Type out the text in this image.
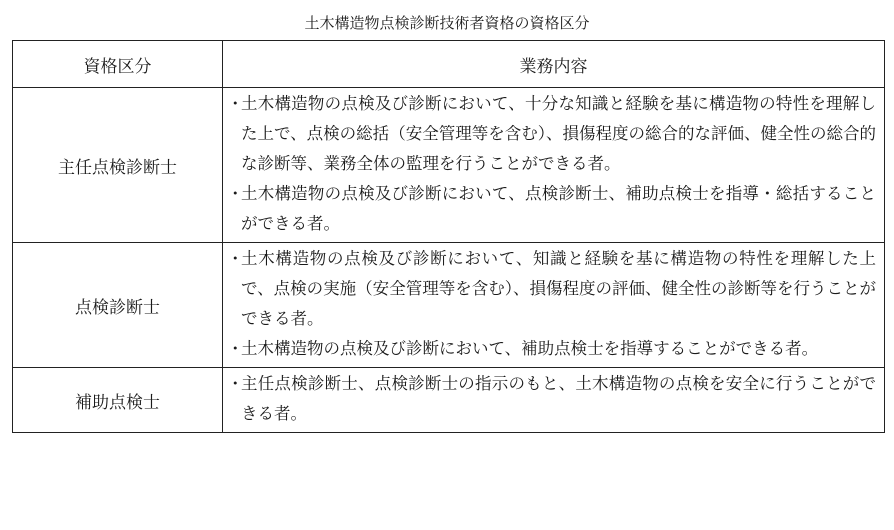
土木構造物点検診断技術者資格の資格区分
資格区分	業務内容
主任点検診断士	・
土木構造物の点検及び診断において、十分な知識と経験を基に構造物の特性を理解した上で、点検の総括（安全管理等を含む）、損傷程度の総合的な評価、健全性の総合的な診断等、業務全体の監理を行うことができる者。
・
土木構造物の点検及び診断において、点検診断士、補助点検士を指導・総括することができる者。

点検診断士	・
土木構造物の点検及び診断において、知識と経験を基に構造物の特性を理解した上で、点検の実施（安全管理等を含む）、損傷程度の評価、健全性の診断等を行うことができる者。
・
土木構造物の点検及び診断において、補助点検士を指導することができる者。

補助点検士	・
主任点検診断士、点検診断士の指示のもと、土木構造物の点検を安全に行うことができる者。
